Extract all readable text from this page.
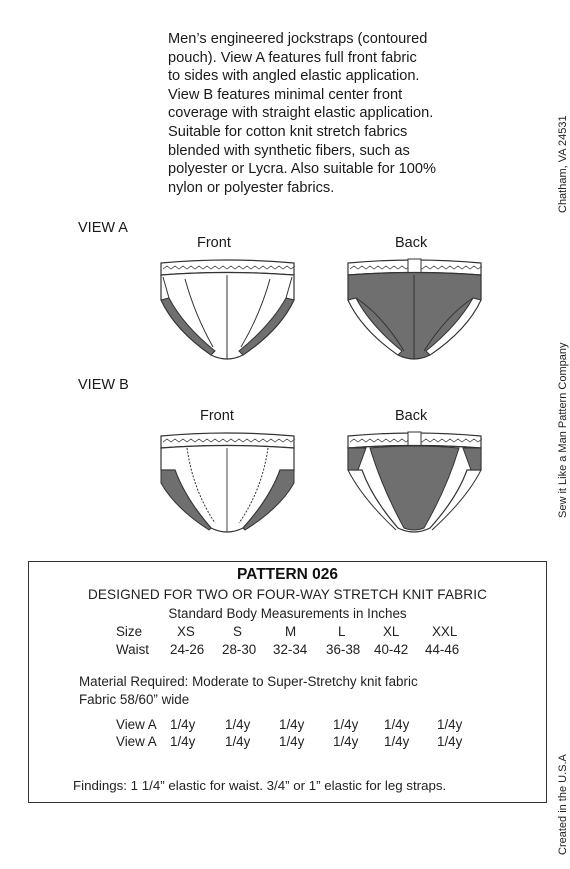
Men’s engineered jockstraps (contoured
pouch). View A features full front fabric
to sides with angled elastic application.
View B features minimal center front
coverage with straight elastic application.
Suitable for cotton knit stretch fabrics
blended with synthetic fibers, such as
polyester or Lycra. Also suitable for 100%
nylon or polyester fabrics.	Chatham, VA 24531
Sew it Like a Man Pattern Company
Created in the U.S.A
VIEW A
VIEW B
Front	Back
Front	Back
PATTERN 026
DESIGNED FOR TWO OR FOUR-WAY STRETCH KNIT FABRIC
Standard Body Measurements in Inches
Size	XS	S	M	L	XL XXL
Waist 24-26 28-30 32-34 36-38 40-42 44-46
Material Required: Moderate to Super-Stretchy knit fabric
Fabric 58/60” wide
View A 1/4y 1/4y 1/4y 1/4y 1/4y 1/4y
View A 1/4y 1/4y 1/4y 1/4y 1/4y 1/4y
Findings: 1 1/4” elastic for waist. 3/4” or 1” elastic for leg straps.
